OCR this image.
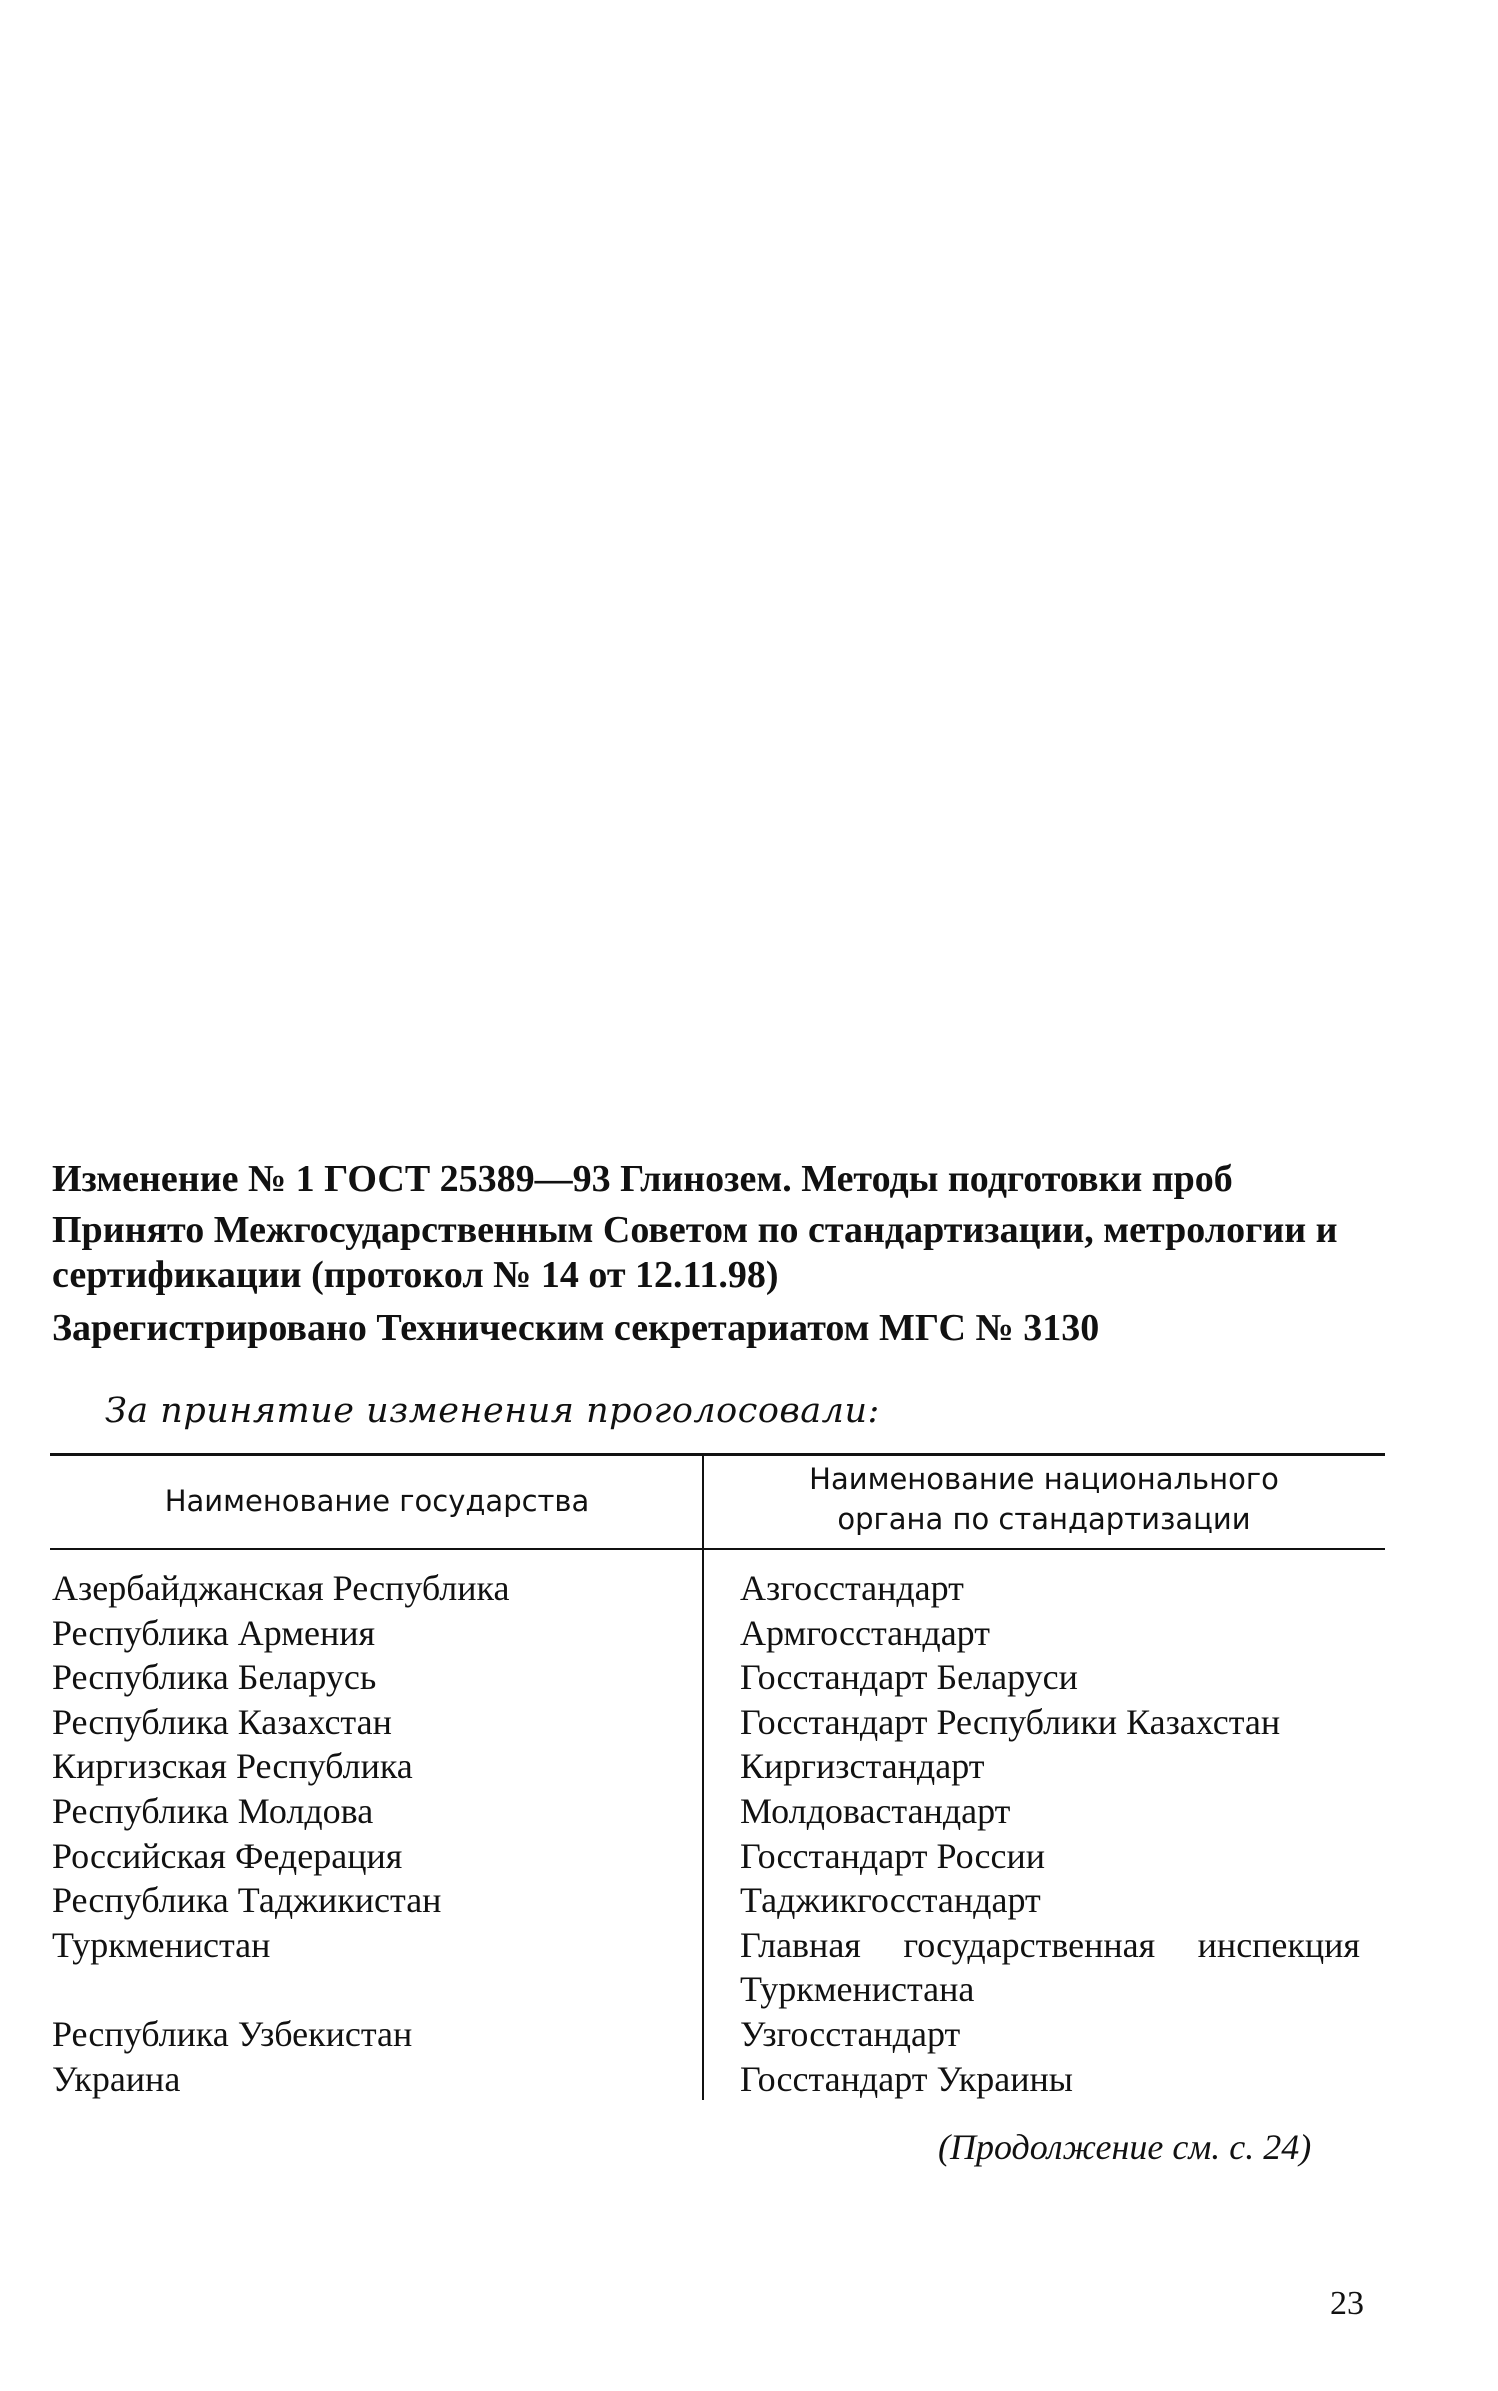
Изменение № 1 ГОСТ 25389—93 Глинозем. Методы подготовки проб
Принято Межгосударственным Советом по стандартизации, метрологии и сертификации (протокол № 14 от 12.11.98)
Зарегистрировано Техническим секретариатом МГС № 3130
За принятие изменения проголосовали:
Наименование государства
Наименование национального
органа по стандартизации
Азербайджанская Республика
Республика Армения
Республика Беларусь
Республика Казахстан
Киргизская Республика
Республика Молдова
Российская Федерация
Республика Таджикистан
Туркменистан
Республика Узбекистан
Украина
Азгосстандарт
Армгосстандарт
Госстандарт Беларуси
Госстандарт Республики Казахстан
Киргизстандарт
Молдовастандарт
Госстандарт России
Таджикгосстандарт
Главная государственная инспекция Туркменистана
Узгосстандарт
Госстандарт Украины
(Продолжение см. с. 24)
23
